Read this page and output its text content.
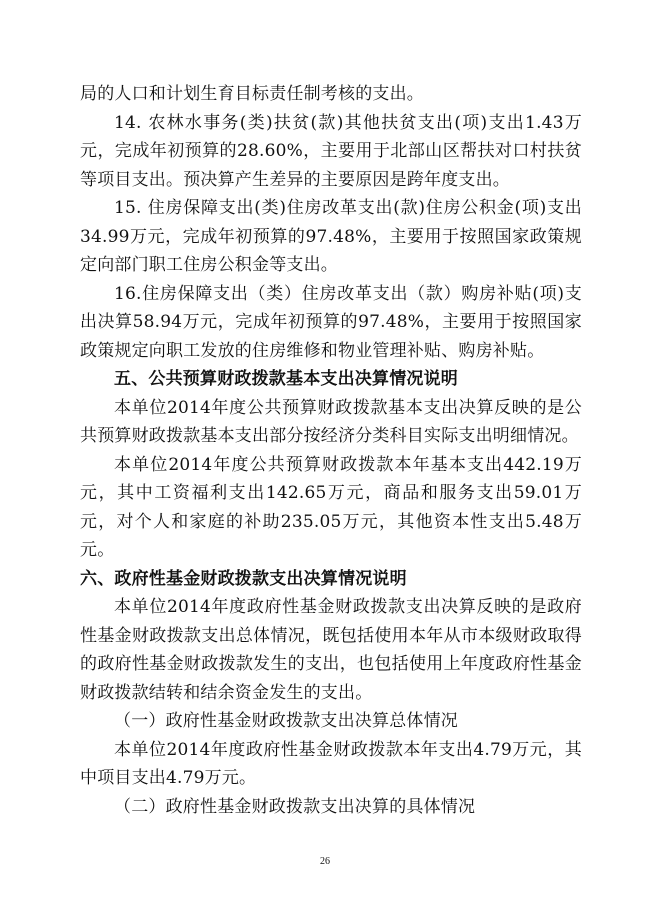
局的人口和计划生育目标责任制考核的支出。

14. 农林水事务(类)扶贫(款)其他扶贫支出(项)支出1.43万元，完成年初预算的28.60%，主要用于北部山区帮扶对口村扶贫等项目支出。预决算产生差异的主要原因是跨年度支出。

15. 住房保障支出(类)住房改革支出(款)住房公积金(项)支出34.99万元，完成年初预算的97.48%，主要用于按照国家政策规定向部门职工住房公积金等支出。

16.住房保障支出（类）住房改革支出（款）购房补贴(项)支出决算58.94万元，完成年初预算的97.48%，主要用于按照国家政策规定向职工发放的住房维修和物业管理补贴、购房补贴。

五、公共预算财政拨款基本支出决算情况说明

本单位2014年度公共预算财政拨款基本支出决算反映的是公共预算财政拨款基本支出部分按经济分类科目实际支出明细情况。

本单位2014年度公共预算财政拨款本年基本支出442.19万元，其中工资福利支出142.65万元，商品和服务支出59.01万元，对个人和家庭的补助235.05万元，其他资本性支出5.48万元。

六、政府性基金财政拨款支出决算情况说明

本单位2014年度政府性基金财政拨款支出决算反映的是政府性基金财政拨款支出总体情况，既包括使用本年从市本级财政取得的政府性基金财政拨款发生的支出，也包括使用上年度政府性基金财政拨款结转和结余资金发生的支出。

（一）政府性基金财政拨款支出决算总体情况

本单位2014年度政府性基金财政拨款本年支出4.79万元，其中项目支出4.79万元。

（二）政府性基金财政拨款支出决算的具体情况

26
